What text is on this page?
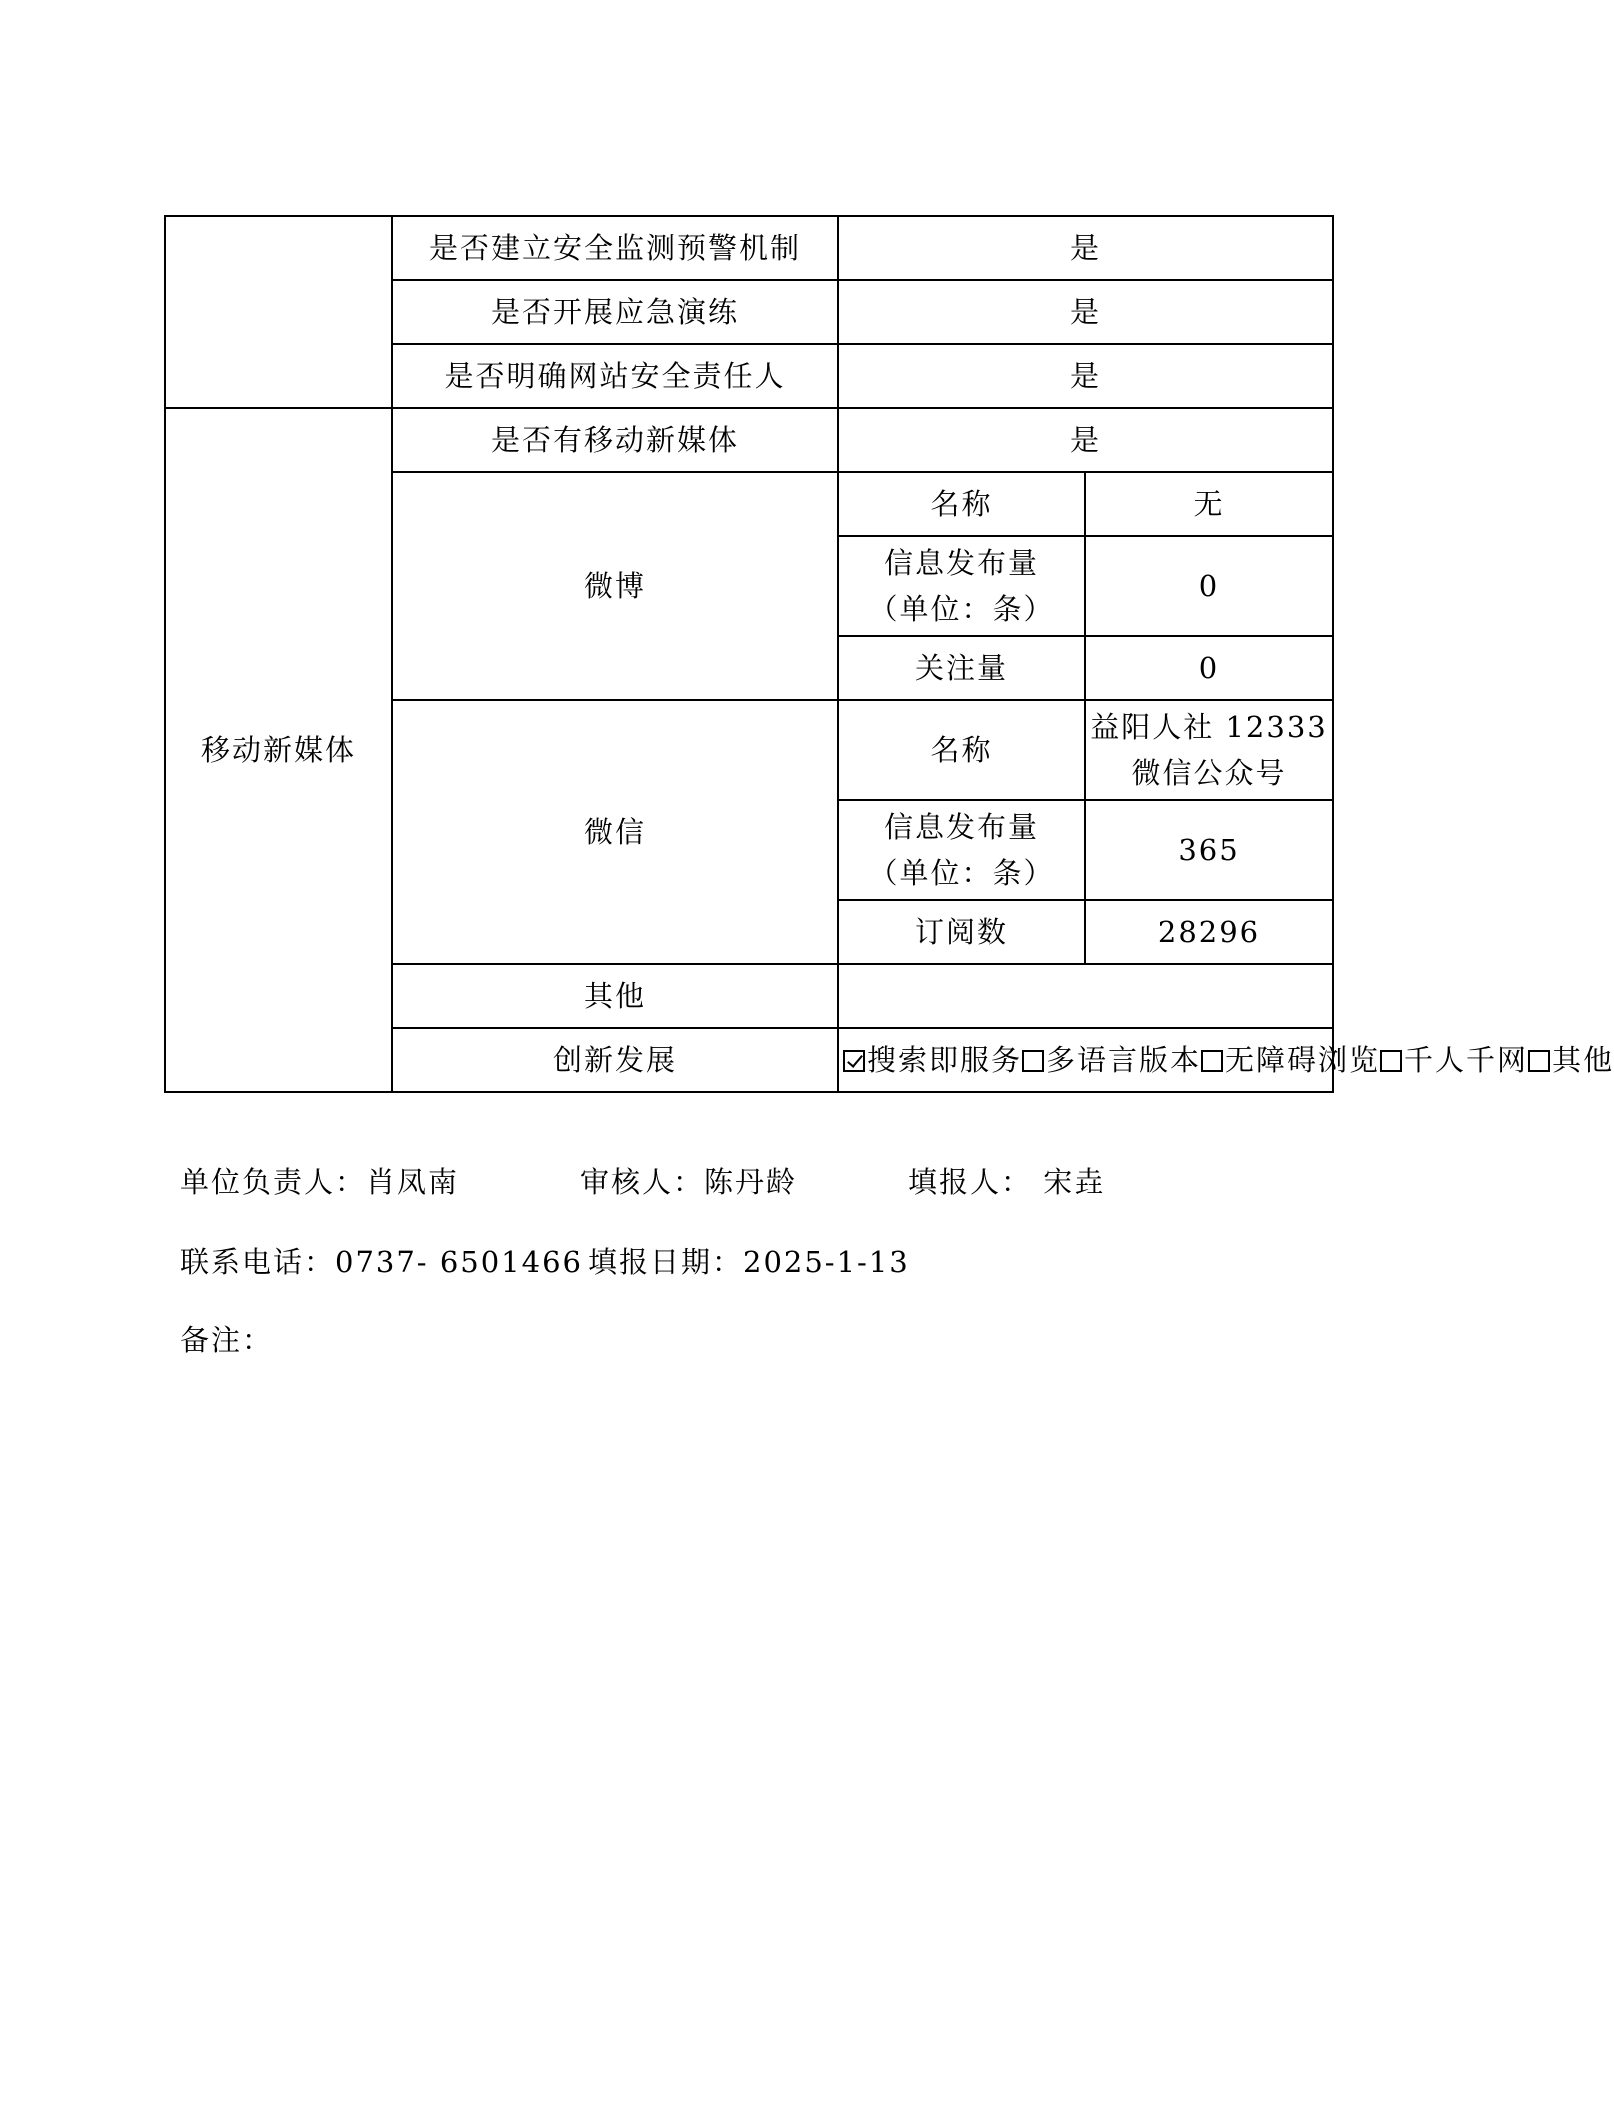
	是否建立安全监测预警机制	是	
	是否开展应急演练	是	
	是否明确网站安全责任人	是	
移动新媒体	是否有移动新媒体	是	
	微博	名称	无

		信息发布量
（单位：条）	0
		关注量	0
	微信	名称	益阳人社 12333
微信公众号

		信息发布量
（单位：条）	365
		订阅数	28296
	其他		
	创新发展	搜索即服务 多语言版本 无障碍浏览 千人千网 其他	
单位负责人：肖凤南	审核人：陈丹龄	填报人： 宋垚
联系电话：0737- 6501466 填报日期：2025-1-13
备注：
